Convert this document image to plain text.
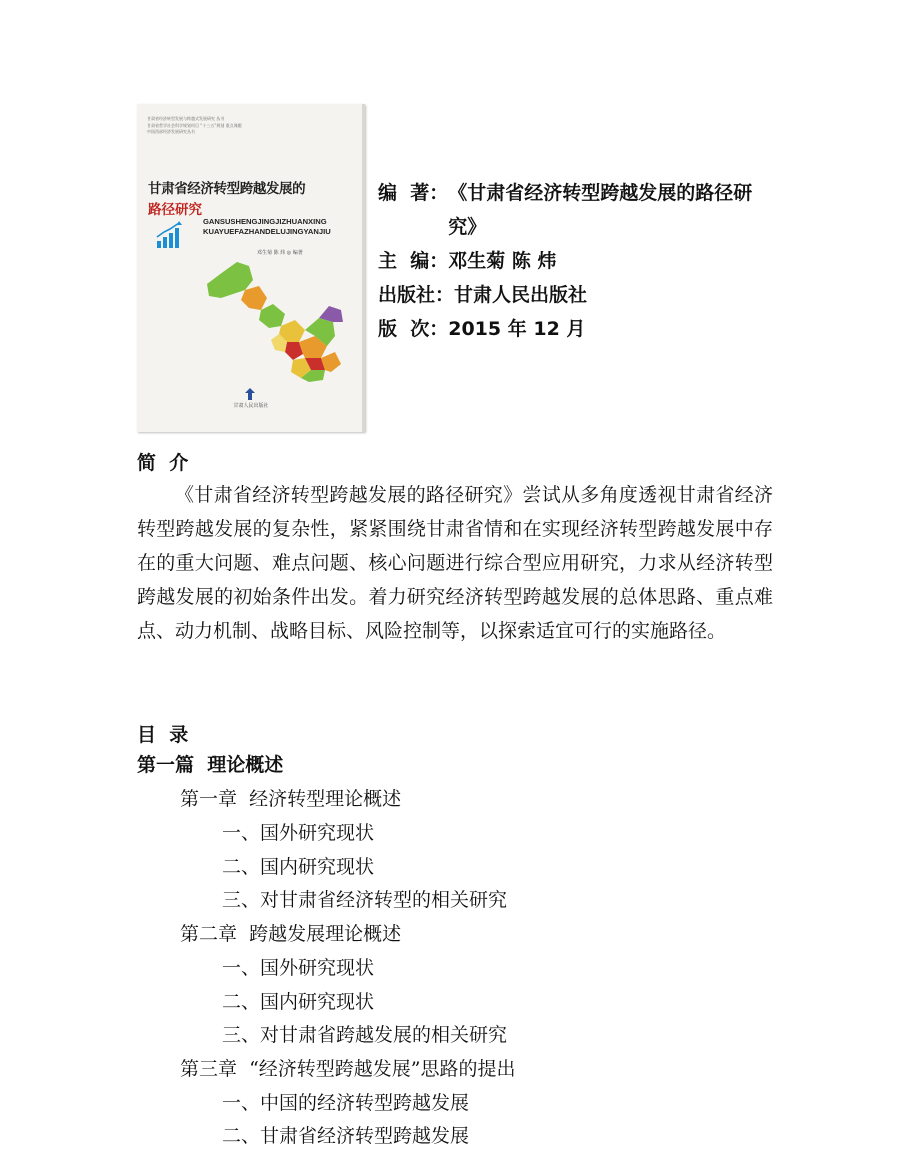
甘肃省经济转型发展与跨越式发展研究 丛书
甘肃省哲学社会科学规划项目 “十三五”规划 重点课题
中国西部经济发展研究丛书
甘肃省经济转型跨越发展的
路径研究
GANSUSHENGJINGJIZHUANXING
KUAYUEFAZHANDELUJINGYANJIU
邓生菊 陈 炜 ◎ 编著
甘肃人民出版社
编  著： 《甘肃省经济转型跨越发展的路径研究》
主  编： 邓生菊 陈 炜
出版社： 甘肃人民出版社
版  次： 2015 年 12 月
简  介

《甘肃省经济转型跨越发展的路径研究》尝试从多角度透视甘肃省经济转型跨越发展的复杂性，紧紧围绕甘肃省情和在实现经济转型跨越发展中存在的重大问题、难点问题、核心问题进行综合型应用研究，力求从经济转型跨越发展的初始条件出发。着力研究经济转型跨越发展的总体思路、重点难点、动力机制、战略目标、风险控制等，以探索适宜可行的实施路径。

目  录
第一篇  理论概述
第一章  经济转型理论概述
一、国外研究现状
二、国内研究现状
三、对甘肃省经济转型的相关研究
第二章  跨越发展理论概述
一、国外研究现状
二、国内研究现状
三、对甘肃省跨越发展的相关研究
第三章  “经济转型跨越发展”思路的提出
一、中国的经济转型跨越发展
二、甘肃省经济转型跨越发展
